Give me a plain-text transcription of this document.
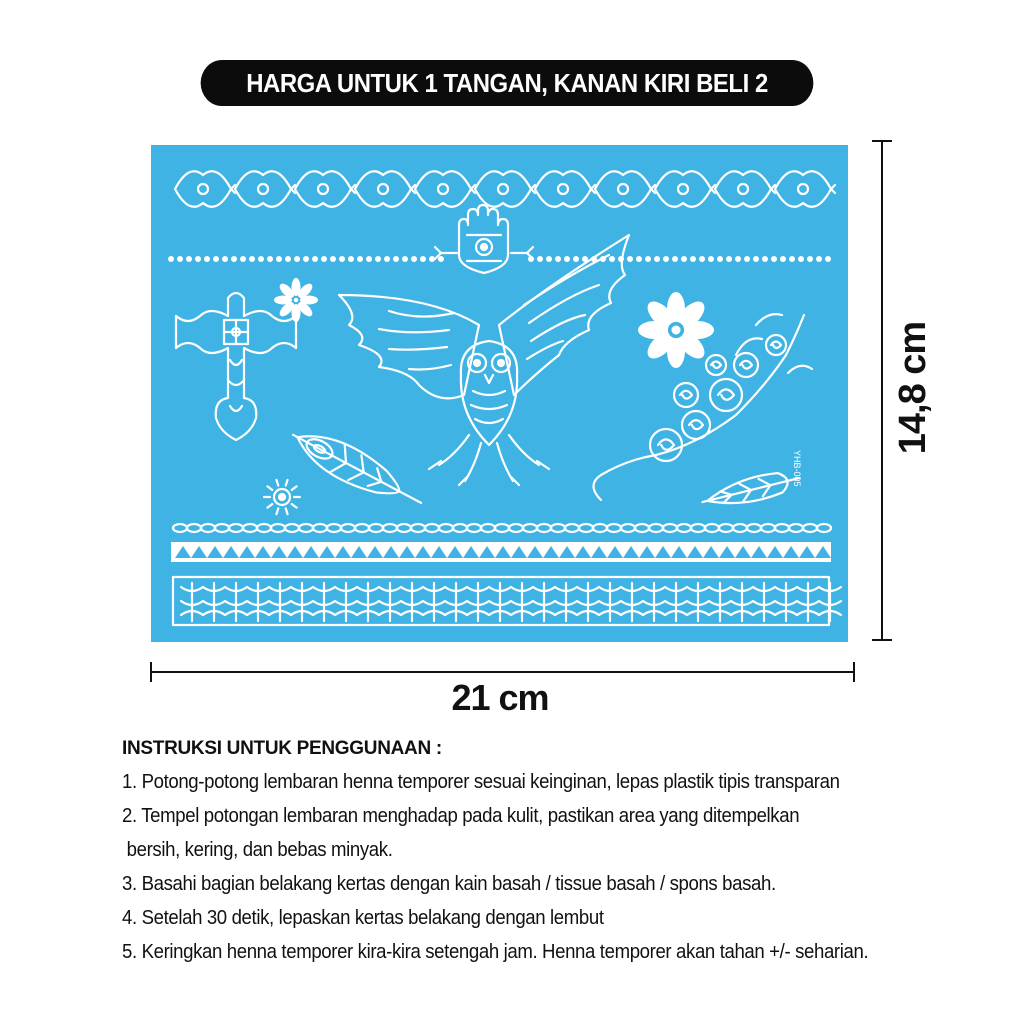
HARGA UNTUK 1 TANGAN, KANAN KIRI BELI 2
YHB-005
14,8 cm
21 cm
INSTRUKSI UNTUK PENGGUNAAN :
1. Potong-potong lembaran henna temporer sesuai keinginan, lepas plastik tipis transparan
2. Tempel potongan lembaran menghadap pada kulit, pastikan area yang ditempelkan
bersih, kering, dan bebas minyak.
3. Basahi bagian belakang kertas dengan kain basah / tissue basah / spons basah.
4. Setelah 30 detik, lepaskan kertas belakang dengan lembut
5. Keringkan henna temporer kira-kira setengah jam. Henna temporer akan tahan +/- seharian.
